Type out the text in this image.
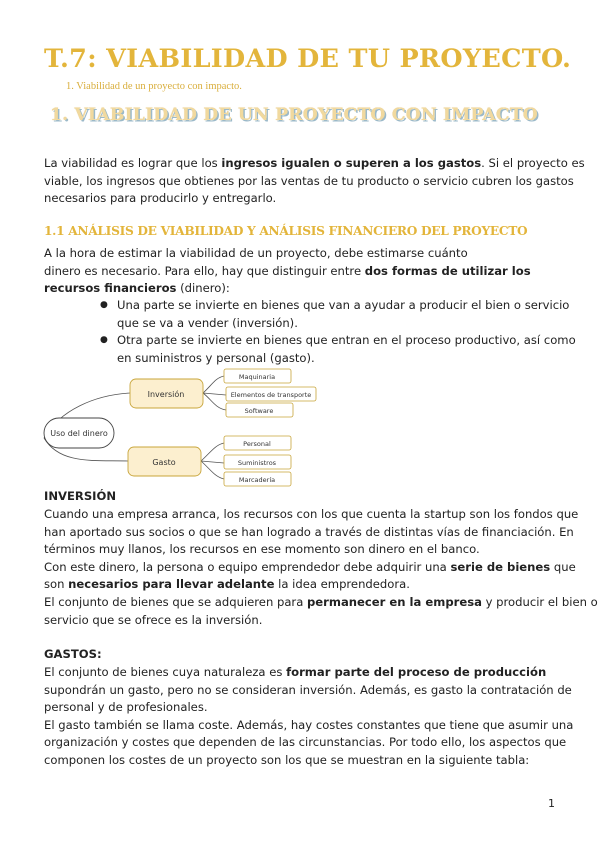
T.7: VIABILIDAD DE TU PROYECTO.
1. Viabilidad de un proyecto con impacto.
1. VIABILIDAD DE UN PROYECTO CON IMPACTO
La viabilidad es lograr que los ingresos igualen o superen a los gastos. Si el proyecto es
viable, los ingresos que obtienes por las ventas de tu producto o servicio cubren los gastos
necesarios para producirlo y entregarlo.
1.1 ANÁLISIS DE VIABILIDAD Y ANÁLISIS FINANCIERO DEL PROYECTO
A la hora de estimar la viabilidad de un proyecto, debe estimarse cuánto
dinero es necesario. Para ello, hay que distinguir entre dos formas de utilizar los
recursos financieros (dinero):
● Una parte se invierte en bienes que van a ayudar a producir el bien o servicio
que se va a vender (inversión).
● Otra parte se invierte en bienes que entran en el proceso productivo, así como
en suministros y personal (gasto).
Uso del dinero
Inversión
Gasto
Maquinaria
Elementos de transporte
Software
Personal
Suministros
Marcadería
INVERSIÓN
Cuando una empresa arranca, los recursos con los que cuenta la startup son los fondos que
han aportado sus socios o que se han logrado a través de distintas vías de financiación. En
términos muy llanos, los recursos en ese momento son dinero en el banco.
Con este dinero, la persona o equipo emprendedor debe adquirir una serie de bienes que
son necesarios para llevar adelante la idea emprendedora.
El conjunto de bienes que se adquieren para permanecer en la empresa y producir el bien o
servicio que se ofrece es la inversión.
GASTOS:
El conjunto de bienes cuya naturaleza es formar parte del proceso de producción
supondrán un gasto, pero no se consideran inversión. Además, es gasto la contratación de
personal y de profesionales.
El gasto también se llama coste. Además, hay costes constantes que tiene que asumir una
organización y costes que dependen de las circunstancias. Por todo ello, los aspectos que
componen los costes de un proyecto son los que se muestran en la siguiente tabla:
1
